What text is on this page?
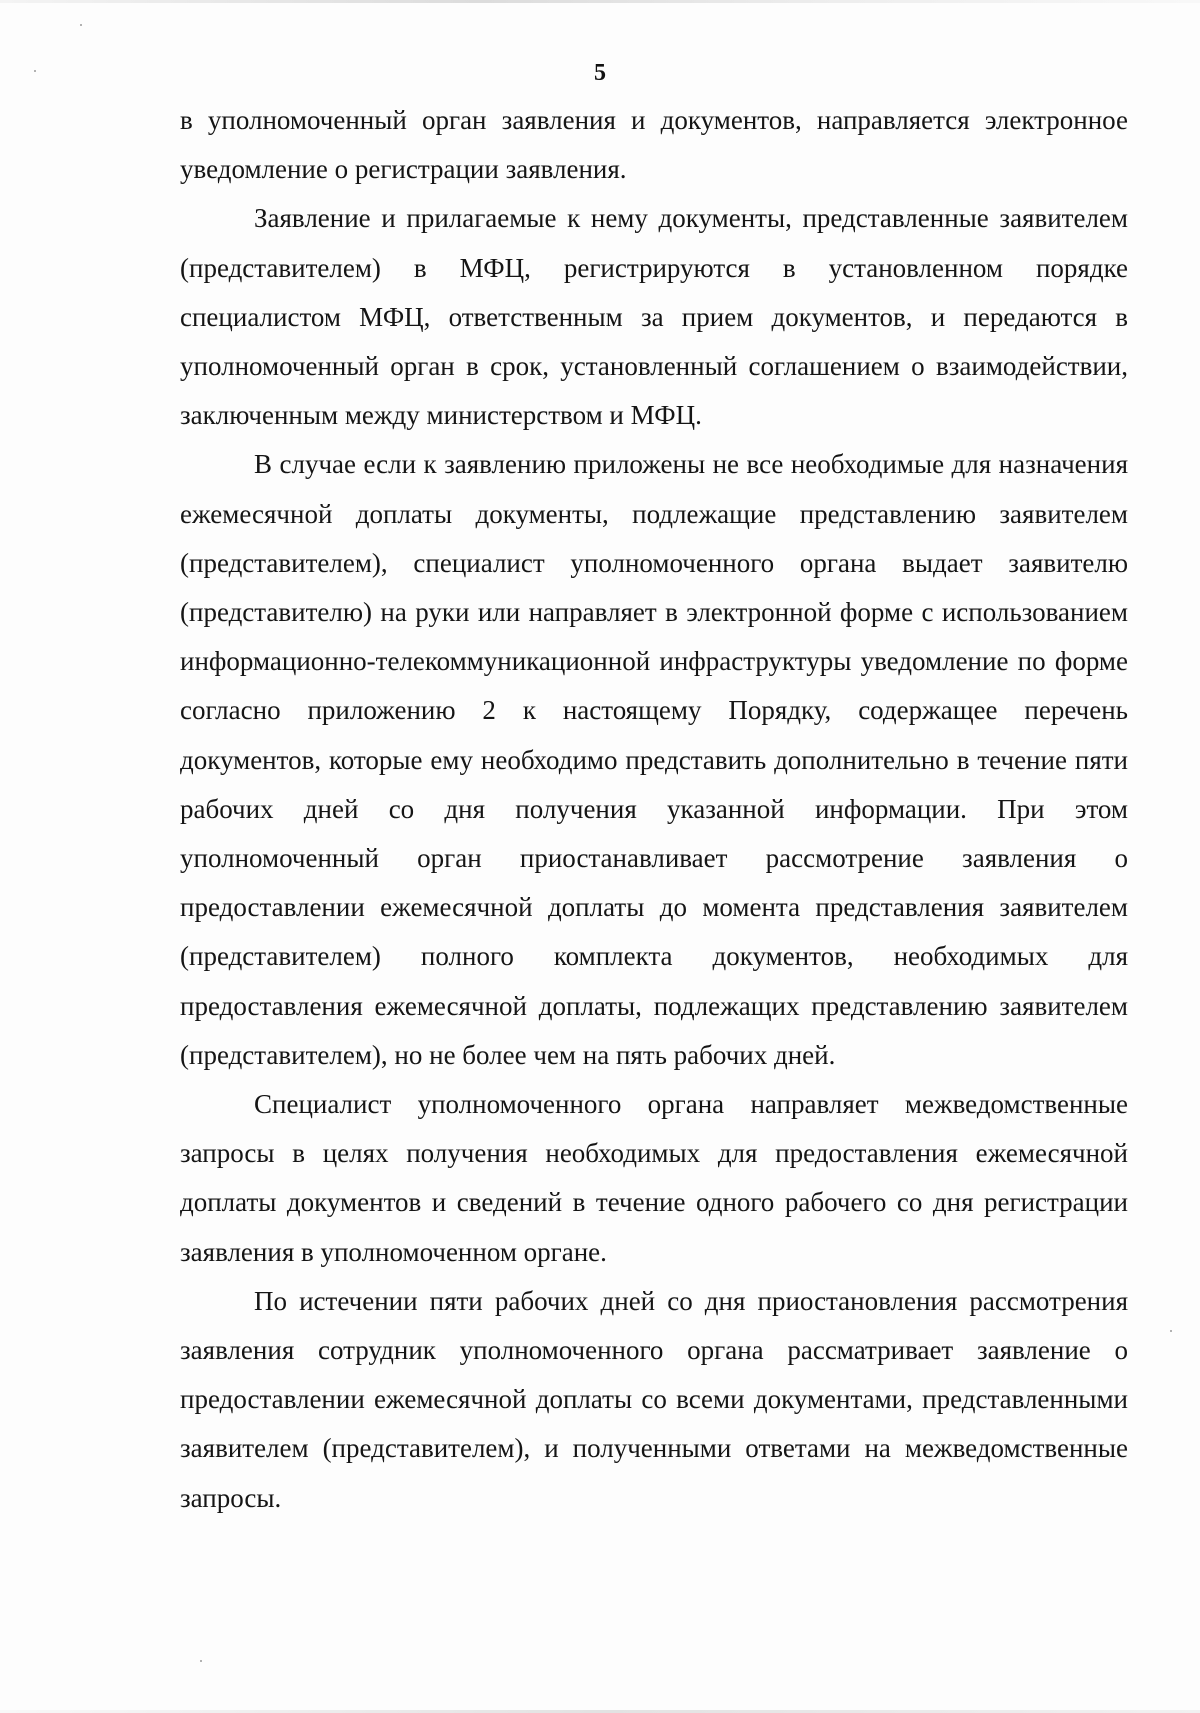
5

в уполномоченный орган заявления и документов, направляется электронное уведомление о регистрации заявления.

Заявление и прилагаемые к нему документы, представленные заявителем (представителем) в МФЦ, регистрируются в установленном порядке специалистом МФЦ, ответственным за прием документов, и передаются в уполномоченный орган в срок, установленный соглашением о взаимодействии, заключенным между министерством и МФЦ.

В случае если к заявлению приложены не все необходимые для назначения ежемесячной доплаты документы, подлежащие представлению заявителем (представителем), специалист уполномоченного органа выдает заявителю (представителю) на руки или направляет в электронной форме с использованием информационно-телекоммуникационной инфраструктуры уведомление по форме согласно приложению 2 к настоящему Порядку, содержащее перечень документов, которые ему необходимо представить дополнительно в течение пяти рабочих дней со дня получения указанной информации. При этом уполномоченный орган приостанавливает рассмотрение заявления о предоставлении ежемесячной доплаты до момента представления заявителем (представителем) полного комплекта документов, необходимых для предоставления ежемесячной доплаты, подлежащих представлению заявителем (представителем), но не более чем на пять рабочих дней.

Специалист уполномоченного органа направляет межведомственные запросы в целях получения необходимых для предоставления ежемесячной доплаты документов и сведений в течение одного рабочего со дня регистрации заявления в уполномоченном органе.

По истечении пяти рабочих дней со дня приостановления рассмотрения заявления сотрудник уполномоченного органа рассматривает заявление о предоставлении ежемесячной доплаты со всеми документами, представленными заявителем (представителем), и полученными ответами на межведомственные запросы.
